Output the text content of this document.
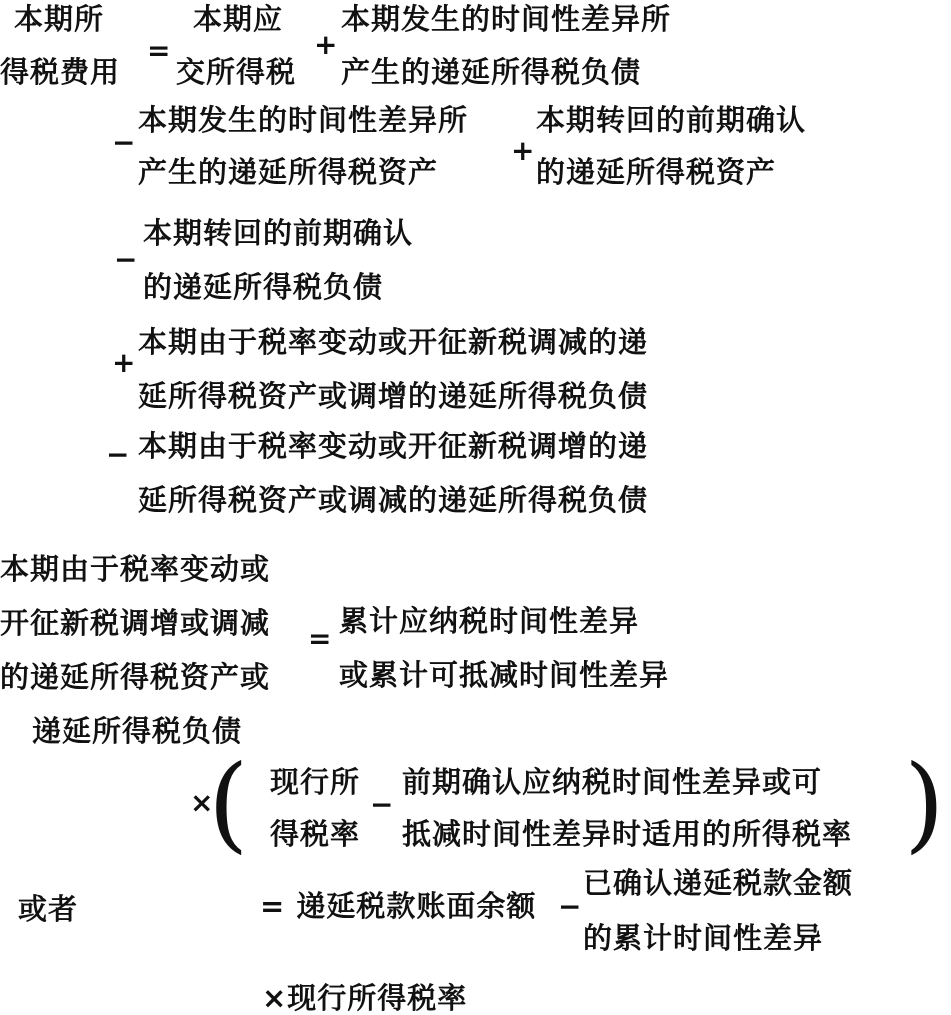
本期所
得税费用
=
本期应
交所得税
+
本期发生的时间性差异所
产生的递延所得税负债
−
本期发生的时间性差异所
产生的递延所得税资产
+
本期转回的前期确认
的递延所得税资产
−
本期转回的前期确认
的递延所得税负债
+
本期由于税率变动或开征新税调减的递
延所得税资产或调增的递延所得税负债
− 本期由于税率变动或开征新税调增的递
延所得税资产或调减的递延所得税负债
本期由于税率变动或
开征新税调增或调减
的递延所得税资产或
递延所得税负债
=
累计应纳税时间性差异
或累计可抵减时间性差异
×
( 现行所
得税率
−
前期确认应纳税时间性差异或可
抵减时间性差异时适用的所得税率 )
或者	= 递延税款账面余额 −
已确认递延税款金额
的累计时间性差异
×现行所得税率
